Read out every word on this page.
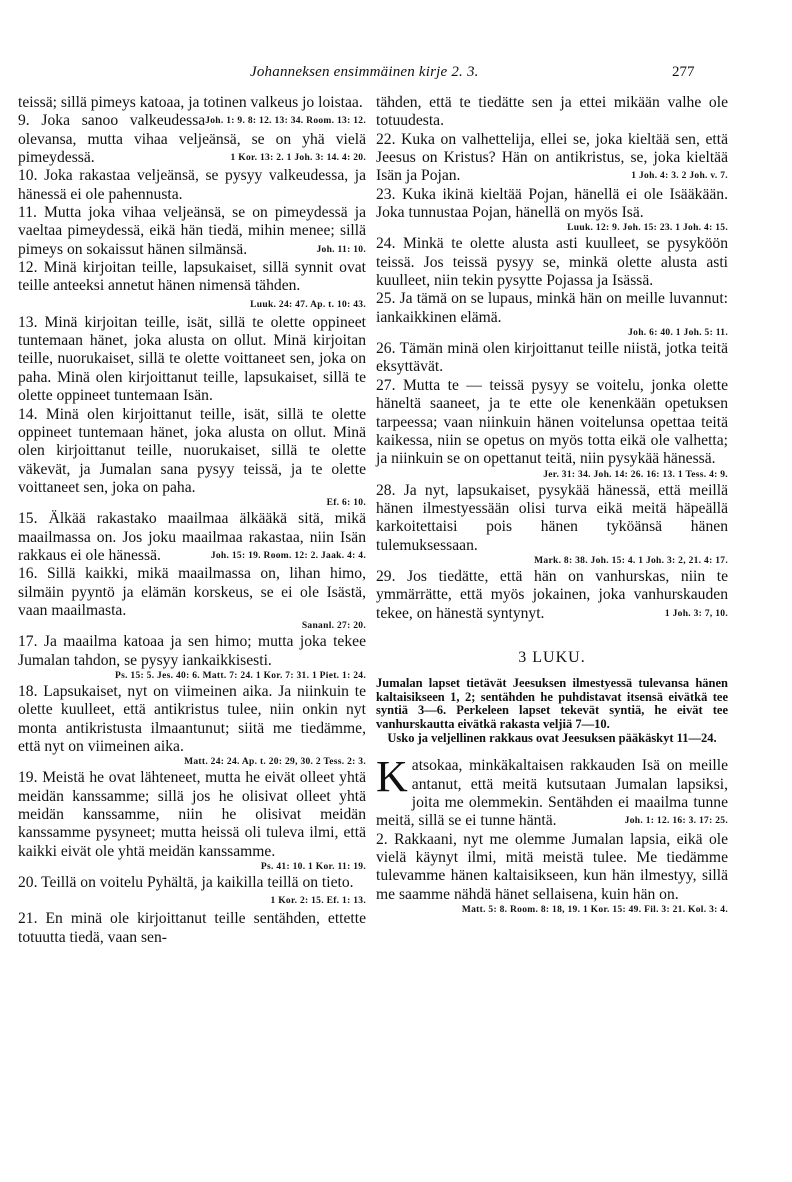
Johanneksen ensimmäinen kirje 2. 3.	277

teissä; sillä pimeys katoaa, ja totinen valkeus jo loistaa.
Joh. 1: 9. 8: 12. 13: 34. Room. 13: 12.

9. Joka sanoo valkeudessa olevansa, mutta vihaa veljeänsä, se on yhä vielä pimeydessä.	1 Kor. 13: 2. 1 Joh. 3: 14. 4: 20.

10. Joka rakastaa veljeänsä, se pysyy valkeudessa, ja hänessä ei ole pahennusta.

11. Mutta joka vihaa veljeänsä, se on pimeydessä ja vaeltaa pimeydessä, eikä hän tiedä, mihin menee; sillä pimeys on sokaissut hänen silmänsä.	Joh. 11: 10.

12. Minä kirjoitan teille, lapsukaiset, sillä synnit ovat teille anteeksi annetut hänen nimensä tähden.
Luuk. 24: 47. Ap. t. 10: 43.

13. Minä kirjoitan teille, isät, sillä te olette oppineet tuntemaan hänet, joka alusta on ollut. Minä kirjoitan teille, nuorukaiset, sillä te olette voittaneet sen, joka on paha. Minä olen kirjoittanut teille, lapsukaiset, sillä te olette oppineet tuntemaan Isän.

14. Minä olen kirjoittanut teille, isät, sillä te olette oppineet tuntemaan hänet, joka alusta on ollut. Minä olen kirjoittanut teille, nuorukaiset, sillä te olette väkevät, ja Jumalan sana pysyy teissä, ja te olette voittaneet sen, joka on paha.

Ef. 6: 10.

15. Älkää rakastako maailmaa älkääkä sitä, mikä maailmassa on. Jos joku maailmaa rakastaa, niin Isän rakkaus ei ole hänessä.	Joh. 15: 19. Room. 12: 2. Jaak. 4: 4.

16. Sillä kaikki, mikä maailmassa on, lihan himo, silmäin pyyntö ja elämän korskeus, se ei ole Isästä, vaan maailmasta.

Sananl. 27: 20.

17. Ja maailma katoaa ja sen himo; mutta joka tekee Jumalan tahdon, se pysyy iankaikkisesti.

Ps. 15: 5. Jes. 40: 6. Matt. 7: 24. 1 Kor. 7: 31. 1 Piet. 1: 24.

18. Lapsukaiset, nyt on viimeinen aika. Ja niinkuin te olette kuulleet, että antikristus tulee, niin onkin nyt monta antikristusta ilmaantunut; siitä me tiedämme, että nyt on viimeinen aika.

Matt. 24: 24. Ap. t. 20: 29, 30. 2 Tess. 2: 3.

19. Meistä he ovat lähteneet, mutta he eivät olleet yhtä meidän kanssamme; sillä jos he olisivat olleet yhtä meidän kanssamme, niin he olisivat meidän kanssamme pysyneet; mutta heissä oli tuleva ilmi, että kaikki eivät ole yhtä meidän kanssamme.

Ps. 41: 10. 1 Kor. 11: 19.

20. Teillä on voitelu Pyhältä, ja kaikilla teillä on tieto.
1 Kor. 2: 15. Ef. 1: 13.

21. En minä ole kirjoittanut teille sentähden, ettette totuutta tiedä, vaan sen-

tähden, että te tiedätte sen ja ettei mikään valhe ole totuudesta.

22. Kuka on valhettelija, ellei se, joka kieltää sen, että Jeesus on Kristus? Hän on antikristus, se, joka kieltää Isän ja Pojan.	1 Joh. 4: 3. 2 Joh. v. 7.

23. Kuka ikinä kieltää Pojan, hänellä ei ole Isääkään. Joka tunnustaa Pojan, hänellä on myös Isä.

Luuk. 12: 9. Joh. 15: 23. 1 Joh. 4: 15.

24. Minkä te olette alusta asti kuulleet, se pysyköön teissä. Jos teissä pysyy se, minkä olette alusta asti kuulleet, niin tekin pysytte Pojassa ja Isässä.

25. Ja tämä on se lupaus, minkä hän on meille luvannut: iankaikkinen elämä.

Joh. 6: 40. 1 Joh. 5: 11.

26. Tämän minä olen kirjoittanut teille niistä, jotka teitä eksyttävät.

27. Mutta te — teissä pysyy se voitelu, jonka olette häneltä saaneet, ja te ette ole kenenkään opetuksen tarpeessa; vaan niinkuin hänen voitelunsa opettaa teitä kaikessa, niin se opetus on myös totta eikä ole valhetta; ja niinkuin se on opettanut teitä, niin pysykää hänessä.

Jer. 31: 34. Joh. 14: 26. 16: 13. 1 Tess. 4: 9.

28. Ja nyt, lapsukaiset, pysykää hänessä, että meillä hänen ilmestyessään olisi turva eikä meitä häpeällä karkoitettaisi pois hänen tyköänsä hänen tulemuksessaan.

Mark. 8: 38. Joh. 15: 4. 1 Joh. 3: 2, 21. 4: 17.

29. Jos tiedätte, että hän on vanhurskas, niin te ymmärrätte, että myös jokainen, joka vanhurskauden tekee, on hänestä syntynyt.	1 Joh. 3: 7, 10.

3 LUKU.

Jumalan lapset tietävät Jeesuksen ilmestyessä tulevansa hänen kaltaisikseen 1, 2; sentähden he puhdistavat itsensä eivätkä tee syntiä 3—6. Perkeleen lapset tekevät syntiä, he eivät tee vanhurskautta eivätkä rakasta veljiä 7—10.

Usko ja veljellinen rakkaus ovat Jeesuksen pääkäskyt 11—24.

Katsokaa, minkäkaltaisen rakkauden Isä on meille antanut, että meitä kutsutaan Jumalan lapsiksi, joita me olemmekin. Sentähden ei maailma tunne meitä, sillä se ei tunne häntä.	Joh. 1: 12. 16: 3. 17: 25.

2. Rakkaani, nyt me olemme Jumalan lapsia, eikä ole vielä käynyt ilmi, mitä meistä tulee. Me tiedämme tulevamme hänen kaltaisikseen, kun hän ilmestyy, sillä me saamme nähdä hänet sellaisena, kuin hän on.

Matt. 5: 8. Room. 8: 18, 19. 1 Kor. 15: 49. Fil. 3: 21. Kol. 3: 4.
